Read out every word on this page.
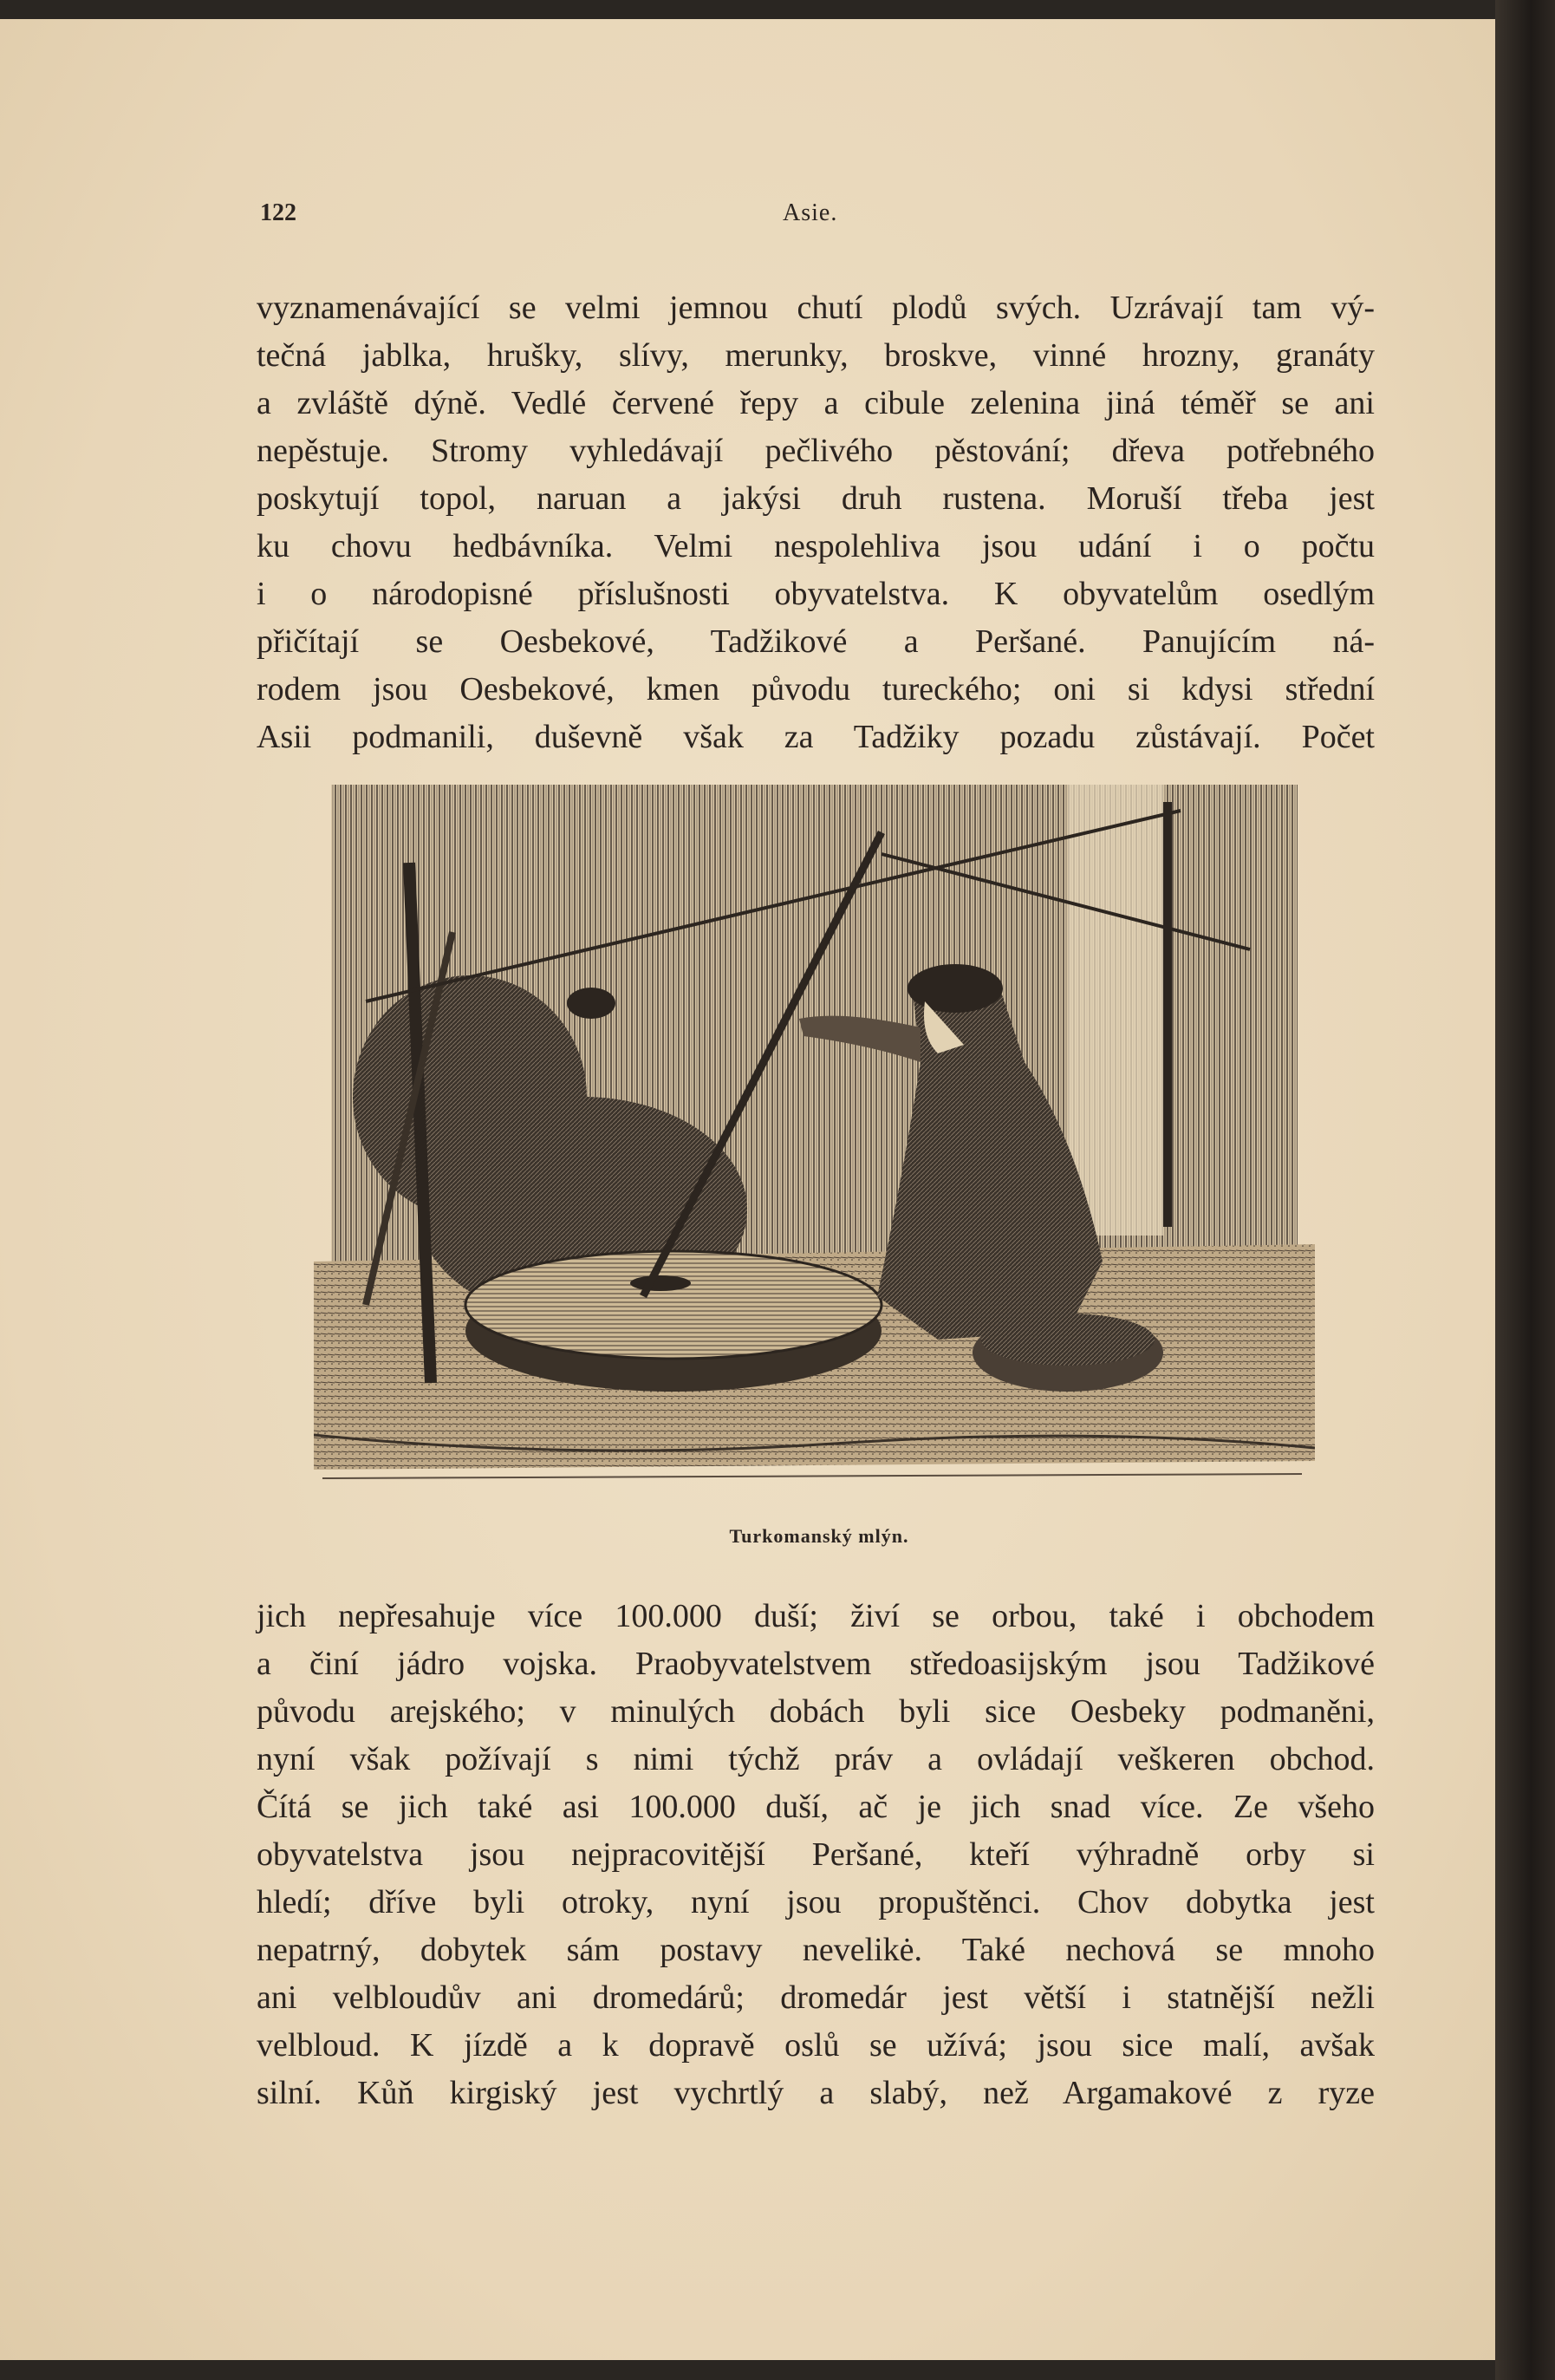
122	Asie.
vyznamenávající se velmi jemnou chutí plodů svých. Uzrávají tam vý-
tečná jablka, hrušky, slívy, merunky, broskve, vinné hrozny, granáty
a zvláště dýně. Vedlé červené řepy a cibule zelenina jiná téměř se ani
nepěstuje. Stromy vyhledávají pečlivého pěstování; dřeva potřebného
poskytují topol, naruan a jakýsi druh rustena. Moruší třeba jest
ku chovu hedbávníka. Velmi nespolehliva jsou udání i o počtu
i o národopisné příslušnosti obyvatelstva. K obyvatelům osedlým
přičítají se Oesbekové, Tadžikové a Peršané. Panujícím ná-
rodem jsou Oesbekové, kmen původu tureckého; oni si kdysi střední
Asii podmanili, duševně však za Tadžiky pozadu zůstávají. Počet
Turkomanský mlýn.
jich nepřesahuje více 100.000 duší; živí se orbou, také i obchodem
a činí jádro vojska. Praobyvatelstvem středoasijským jsou Tadžikové
původu arejského; v minulých dobách byli sice Oesbeky podmaněni,
nyní však požívají s nimi týchž práv a ovládají veškeren obchod.
Čítá se jich také asi 100.000 duší, ač je jich snad více. Ze všeho
obyvatelstva jsou nejpracovitější Peršané, kteří výhradně orby si
hledí; dříve byli otroky, nyní jsou propuštěnci. Chov dobytka jest
nepatrný, dobytek sám postavy nevelikė. Také nechová se mnoho
ani velbloudův ani dromedárů; dromedár jest větší i statnější nežli
velbloud. K jízdě a k dopravě oslů se užívá; jsou sice malí, avšak
silní. Kůň kirgiský jest vychrtlý a slabý, než Argamakové z ryze
